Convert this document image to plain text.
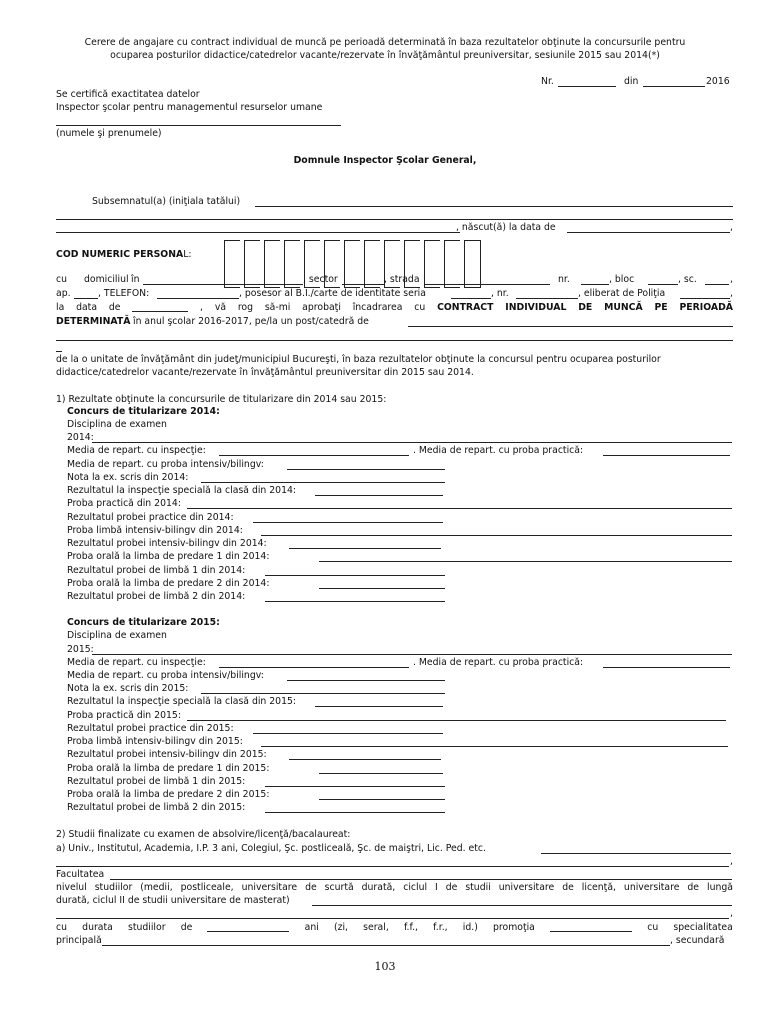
Cerere de angajare cu contract individual de muncă pe perioadă determinată în baza rezultatelor obţinute la concursurile pentru
ocuparea posturilor didactice/catedrelor vacante/rezervate în învăţământul preuniversitar, sesiunile 2015 sau 2014(*)
Nr.	din	2016
Se certifică exactitatea datelor
Inspector şcolar pentru managementul resurselor umane
(numele şi prenumele)
Domnule Inspector Şcolar General,
Subsemnatul(a) (iniţiala tatălui)
, născut(ă) la data de	,
COD NUMERIC PERSONAL:
cu domiciliul în	, sector	, strada	nr.	, bloc	, sc.	,
ap.	, TELEFON:	, posesor al B.I./carte de identitate seria	, nr.	, eliberat de Poliţia	,
la data de	, vă rog să-mi aprobaţi încadrarea cu CONTRACT INDIVIDUAL DE MUNCĂ PE PERIOADĂ
DETERMINATĂ în anul şcolar 2016-2017, pe/la un post/catedră de
de la o unitate de învăţământ din judeţ/municipiul Bucureşti, în baza rezultatelor obţinute la concursul pentru ocuparea posturilor
didactice/catedrelor vacante/rezervate în învăţământul preuniversitar din 2015 sau 2014.
1) Rezultate obţinute la concursurile de titularizare din 2014 sau 2015:
Concurs de titularizare 2014:
Disciplina de examen
2014:
Media de repart. cu inspecţie:	. Media de repart. cu proba practică:
Media de repart. cu proba intensiv/bilingv:
Nota la ex. scris din 2014:
Rezultatul la inspecţie specială la clasă din 2014:
Proba practică din 2014:
Rezultatul probei practice din 2014:
Proba limbă intensiv-bilingv din 2014:
Rezultatul probei intensiv-bilingv din 2014:
Proba orală la limba de predare 1 din 2014:
Rezultatul probei de limbă 1 din 2014:
Proba orală la limba de predare 2 din 2014:
Rezultatul probei de limbă 2 din 2014:
Concurs de titularizare 2015:
Disciplina de examen
2015:
Media de repart. cu inspecţie:	. Media de repart. cu proba practică:
Media de repart. cu proba intensiv/bilingv:
Nota la ex. scris din 2015:
Rezultatul la inspecţie specială la clasă din 2015:
Proba practică din 2015:
Rezultatul probei practice din 2015:
Proba limbă intensiv-bilingv din 2015:
Rezultatul probei intensiv-bilingv din 2015:
Proba orală la limba de predare 1 din 2015:
Rezultatul probei de limbă 1 din 2015:
Proba orală la limba de predare 2 din 2015:
Rezultatul probei de limbă 2 din 2015:
2) Studii finalizate cu examen de absolvire/licenţă/bacalaureat:
a) Univ., Institutul, Academia, I.P. 3 ani, Colegiul, Şc. postliceală, Şc. de maiştri, Lic. Ped. etc.
,
Facultatea
nivelul studiilor (medii, postliceale, universitare de scurtă durată, ciclul I de studii universitare de licenţă, universitare de lungă
durată, ciclul II de studii universitare de masterat)
,
cu durata studiilor de	ani (zi, seral, f.f., f.r., id.) promoţia	cu specialitatea
principală	, secundară
103
